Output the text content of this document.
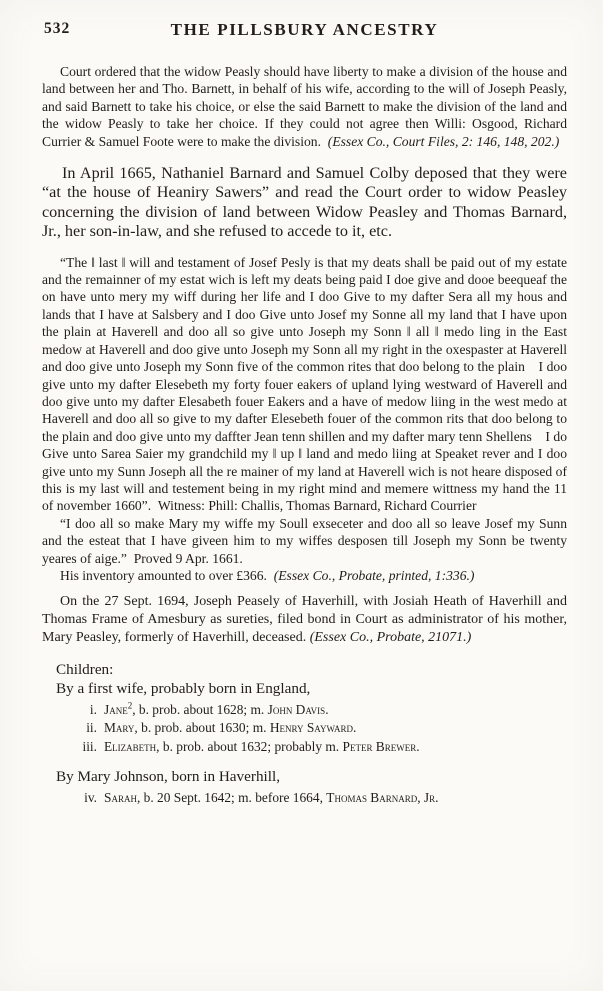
532	THE PILLSBURY ANCESTRY

Court ordered that the widow Peasly should have liberty to make a division of the house and land between her and Tho. Barnett, in behalf of his wife, according to the will of Joseph Peasly, and said Barnett to take his choice, or else the said Barnett to make the division of the land and the widow Peasly to take her choice. If they could not agree then Willi: Osgood, Richard Currier & Samuel Foote were to make the division. (Essex Co., Court Files, 2: 146, 148, 202.)

In April 1665, Nathaniel Barnard and Samuel Colby deposed that they were “at the house of Heaniry Sawers” and read the Court order to widow Peasley concerning the division of land between Widow Peasley and Thomas Barnard, Jr., her son-in-law, and she refused to accede to it, etc.

“The ‖ last ‖ will and testament of Josef Pesly is that my deats shall be paid out of my estate and the remainner of my estat wich is left my deats being paid I doe give and dooe beequeaf the on have unto mery my wiff during her life and I doo Give to my dafter Sera all my hous and lands that I have at Salsbery and I doo Give unto Josef my Sonne all my land that I have upon the plain at Haverell and doo all so give unto Joseph my Sonn ‖ all ‖ medo ling in the East medow at Haverell and doo give unto Joseph my Sonn all my right in the oxespaster at Haverell and doo give unto Joseph my Sonn five of the common rites that doo belong to the plain I doo give unto my dafter Elesebeth my forty fouer eakers of upland lying westward of Haverell and doo give unto my dafter Elesabeth fouer Eakers and a have of medow liing in the west medo at Haverell and doo all so give to my dafter Elesebeth fouer of the common rits that doo belong to the plain and doo give unto my daffter Jean tenn shillen and my dafter mary tenn Shellens I do Give unto Sarea Saier my grandchild my ‖ up ‖ land and medo liing at Speaket rever and I doo give unto my Sunn Joseph all the re mainer of my land at Haverell wich is not heare disposed of this is my last will and testement being in my right mind and memere wittness my hand the 11 of november 1660”. Witness: Phill: Challis, Thomas Barnard, Richard Courrier

“I doo all so make Mary my wiffe my Soull exseceter and doo all so leave Josef my Sunn and the esteat that I have giveen him to my wiffes desposen till Joseph my Sonn be twenty yeares of aige.” Proved 9 Apr. 1661.

His inventory amounted to over £366. (Essex Co., Probate, printed, 1:336.)

On the 27 Sept. 1694, Joseph Peasely of Haverhill, with Josiah Heath of Haverhill and Thomas Frame of Amesbury as sureties, filed bond in Court as administrator of his mother, Mary Peasley, formerly of Haverhill, deceased. (Essex Co., Probate, 21071.)

Children:

By a first wife, probably born in England,

i. Jane$^2$, b. prob. about 1628; m. John Davis.

ii. Mary, b. prob. about 1630; m. Henry Sayward.

iii. Elizabeth, b. prob. about 1632; probably m. Peter Brewer.

By Mary Johnson, born in Haverhill,

iv. Sarah, b. 20 Sept. 1642; m. before 1664, Thomas Barnard, Jr.
